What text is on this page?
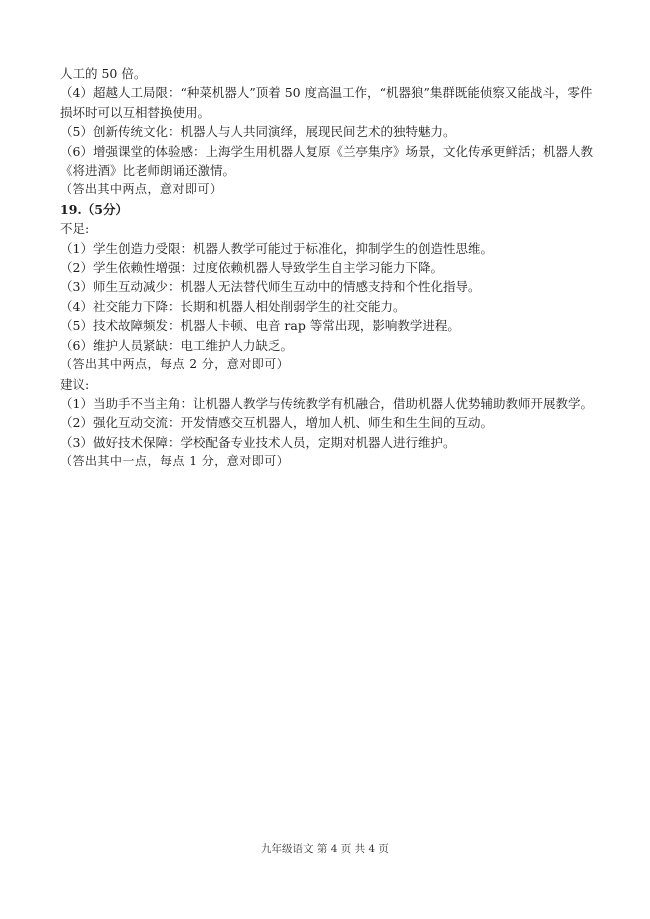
人工的 50 倍。
（4）超越人工局限：“种菜机器人”顶着 50 度高温工作，“机器狼”集群既能侦察又能战斗，零件损坏时可以互相替换使用。
（5）创新传统文化：机器人与人共同演绎，展现民间艺术的独特魅力。
（6）增强课堂的体验感：上海学生用机器人复原《兰亭集序》场景，文化传承更鲜活；机器人教《将进酒》比老师朗诵还激情。
（答出其中两点，意对即可）
19.（5分）
不足:
（1）学生创造力受限：机器人教学可能过于标准化，抑制学生的创造性思维。
（2）学生依赖性增强：过度依赖机器人导致学生自主学习能力下降。
（3）师生互动减少：机器人无法替代师生互动中的情感支持和个性化指导。
（4）社交能力下降：长期和机器人相处削弱学生的社交能力。
（5）技术故障频发：机器人卡顿、电音 rap 等常出现，影响教学进程。
（6）维护人员紧缺：电工维护人力缺乏。
（答出其中两点，每点 2 分，意对即可）
建议:
（1）当助手不当主角：让机器人教学与传统教学有机融合，借助机器人优势辅助教师开展教学。
（2）强化互动交流：开发情感交互机器人，增加人机、师生和生生间的互动。
（3）做好技术保障：学校配备专业技术人员，定期对机器人进行维护。
（答出其中一点，每点 1 分，意对即可）
九年级语文 第 4 页 共 4 页
